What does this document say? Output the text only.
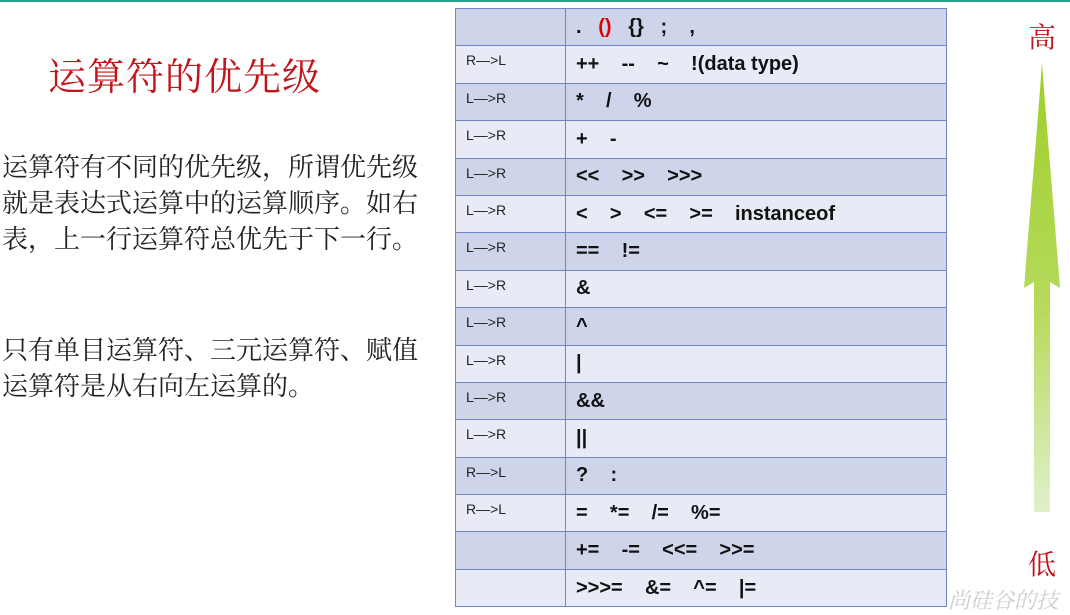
运算符的优先级
运算符有不同的优先级，所谓优先级就是表达式运算中的运算顺序。如右表，上一行运算符总优先于下一行。
只有单目运算符、三元运算符、赋值运算符是从右向左运算的。
	.   ()   {}   ;    ,
R—>L	++    --    ~    !(data type)
L—>R	*    /    %
L—>R	+    -
L—>R	<<    >>    >>>
L—>R	<    >    <=    >=    instanceof
L—>R	==    !=
L—>R	&
L—>R	^
L—>R	|
L—>R	&&
L—>R	||
R—>L	?    :
R—>L	=    *=    /=    %=
	+=    -=    <<=    >>=
	>>>=    &=    ^=    |=
高
低
尚硅谷的技
